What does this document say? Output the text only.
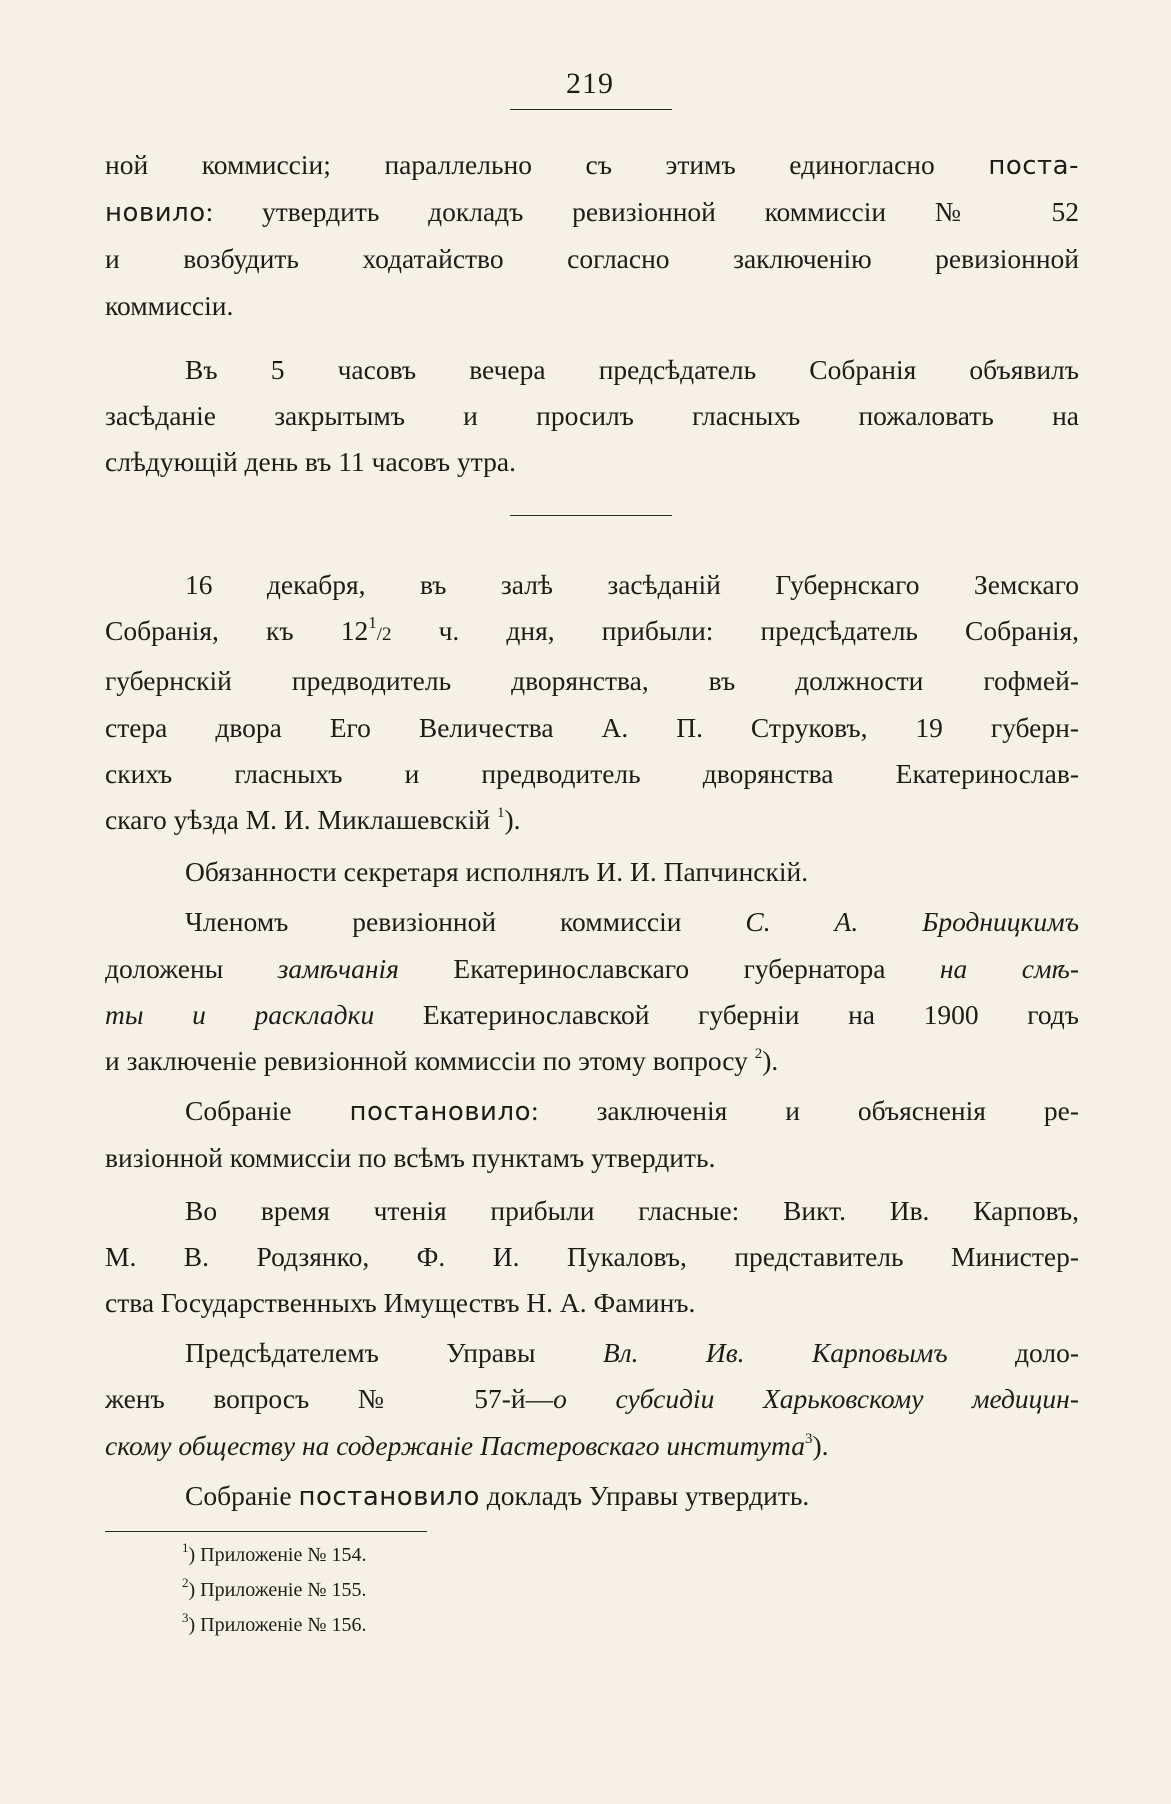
219

ной коммиссіи; параллельно съ этимъ единогласно поста-

новило: утвердить докладъ ревизіонной коммиссіи № 52

и возбудить ходатайство согласно заключенію ревизіонной

коммиссіи.

Въ 5 часовъ вечера предсѣдатель Собранія объявилъ

засѣданіе закрытымъ и просилъ гласныхъ пожаловать на

слѣдующій день въ 11 часовъ утра.

16 декабря, въ залѣ засѣданій Губернскаго Земскаго

Собранія, къ $12^1/2$ ч. дня, прибыли: предсѣдатель Собранія,

губернскій предводитель дворянства, въ должности гофмей-

стера двора Его Величества А. П. Струковъ, 19 губерн-

скихъ гласныхъ и предводитель дворянства Екатеринослав-

скаго уѣзда М. И. Миклашевскій $^1$).

Обязанности секретаря исполнялъ И. И. Папчинскій.

Членомъ ревизіонной коммиссіи С. А. Бродницкимъ

доложены замѣчанія Екатеринославскаго губернатора на смѣ-

ты и раскладки Екатеринославской губерніи на 1900 годъ

и заключеніе ревизіонной коммиссіи по этому вопросу $^2$).

Собраніе постановило: заключенія и объясненія ре-

визіонной коммиссіи по всѣмъ пунктамъ утвердить.

Во время чтенія прибыли гласные: Викт. Ив. Карповъ,

М. В. Родзянко, Ф. И. Пукаловъ, представитель Министер-

ства Государственныхъ Имуществъ Н. А. Фаминъ.

Предсѣдателемъ Управы Вл. Ив. Карповымъ доло-

женъ вопросъ № 57-й—о субсидіи Харьковскому медицин-

скому обществу на содержаніе Пастеровскаго института$^3$).

Собраніе постановило докладъ Управы утвердить.

$^1$) Приложеніе № 154.
$^2$) Приложеніе № 155.
$^3$) Приложеніе № 156.
